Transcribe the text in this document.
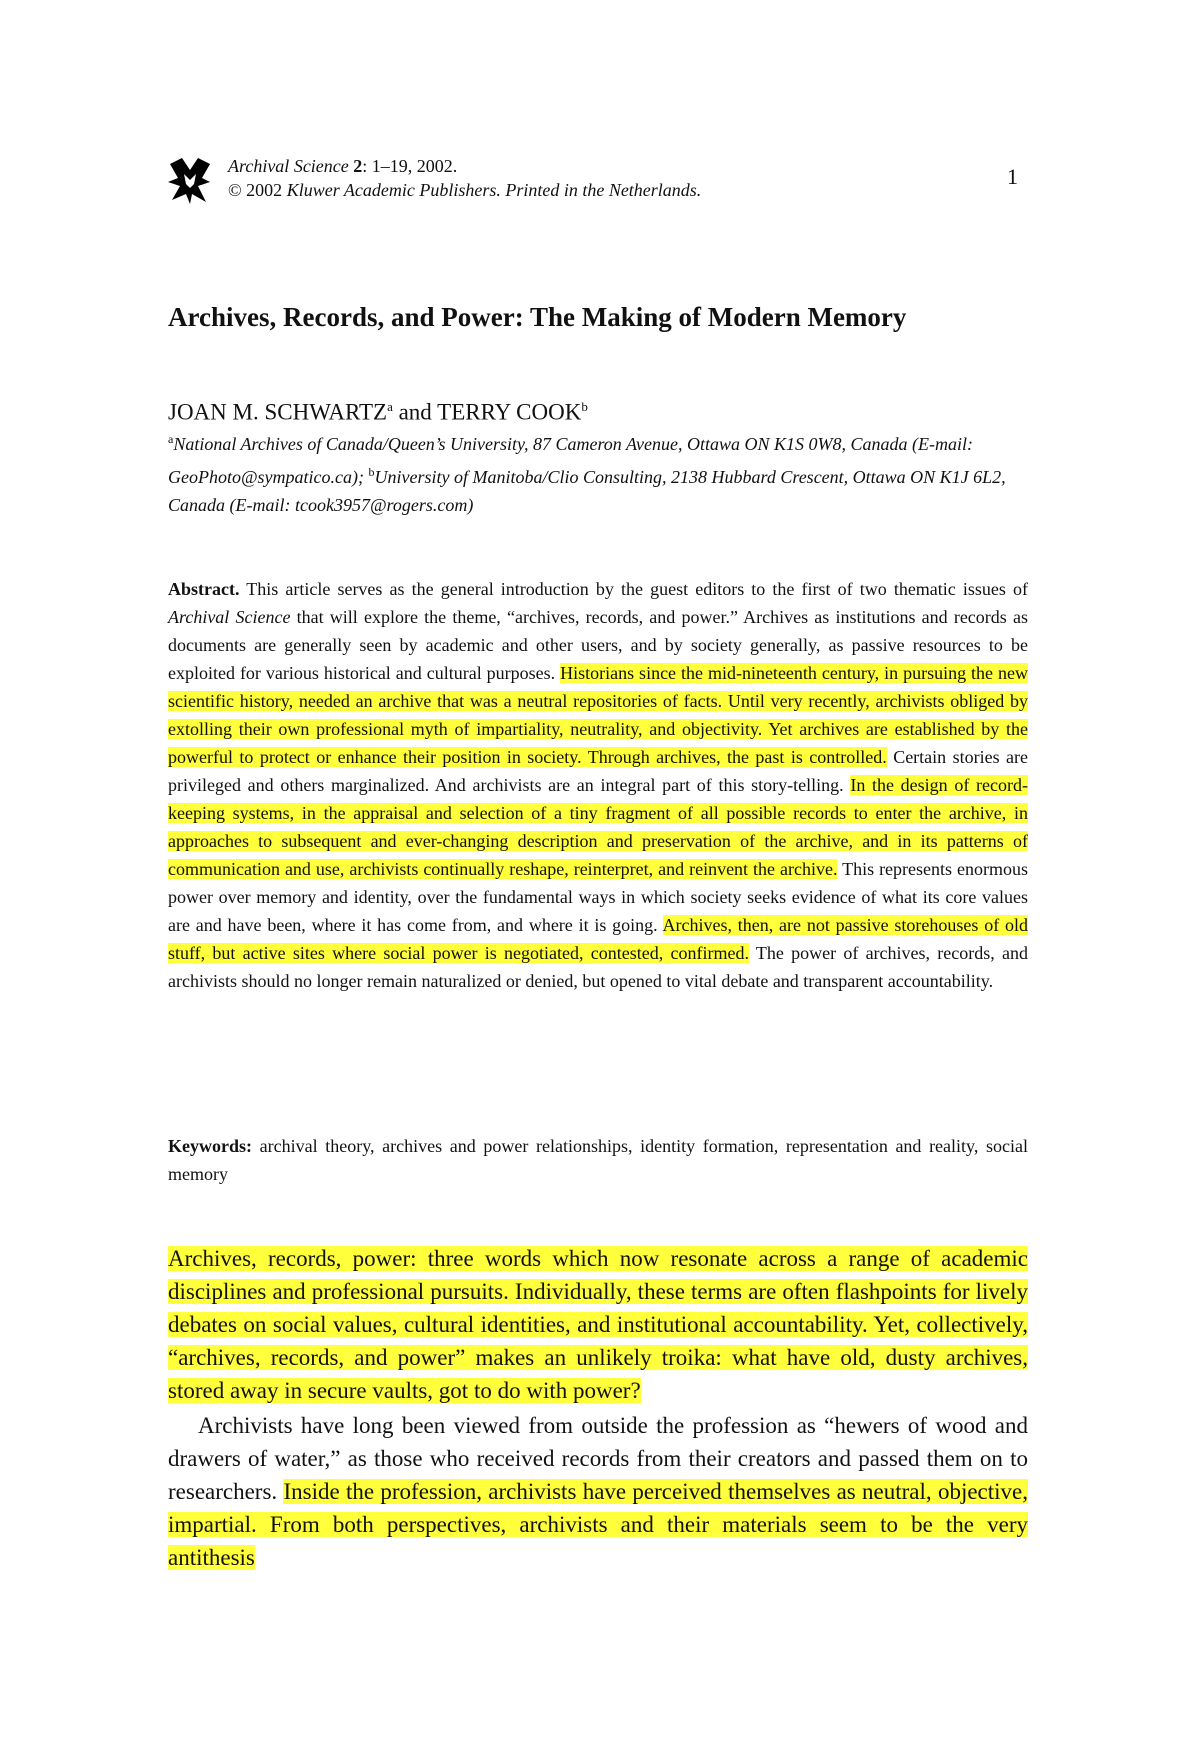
Archival Science 2: 1–19, 2002.
© 2002 Kluwer Academic Publishers. Printed in the Netherlands.
1
Archives, Records, and Power: The Making of Modern Memory
JOAN M. SCHWARTZ$^a$ and TERRY COOK$^b$
$^a$National Archives of Canada/Queen’s University, 87 Cameron Avenue, Ottawa ON K1S 0W8, Canada (E-mail: GeoPhoto@sympatico.ca); $^b$University of Manitoba/Clio Consulting, 2138 Hubbard Crescent, Ottawa ON K1J 6L2, Canada (E-mail: tcook3957@rogers.com)
Abstract. This article serves as the general introduction by the guest editors to the first of two thematic issues of Archival Science that will explore the theme, “archives, records, and power.” Archives as institutions and records as documents are generally seen by academic and other users, and by society generally, as passive resources to be exploited for various historical and cultural purposes. Historians since the mid-nineteenth century, in pursuing the new scientific history, needed an archive that was a neutral repositories of facts. Until very recently, archivists obliged by extolling their own professional myth of impartiality, neutrality, and objectivity. Yet archives are established by the powerful to protect or enhance their position in society. Through archives, the past is controlled. Certain stories are privileged and others marginalized. And archivists are an integral part of this story-telling. In the design of record-keeping systems, in the appraisal and selection of a tiny fragment of all possible records to enter the archive, in approaches to subsequent and ever-changing description and preservation of the archive, and in its patterns of communication and use, archivists continually reshape, reinterpret, and reinvent the archive. This represents enormous power over memory and identity, over the fundamental ways in which society seeks evidence of what its core values are and have been, where it has come from, and where it is going. Archives, then, are not passive storehouses of old stuff, but active sites where social power is negotiated, contested, confirmed. The power of archives, records, and archivists should no longer remain naturalized or denied, but opened to vital debate and transparent accountability.
Keywords: archival theory, archives and power relationships, identity formation, representation and reality, social memory

Archives, records, power: three words which now resonate across a range of academic disciplines and professional pursuits. Individually, these terms are often flashpoints for lively debates on social values, cultural identities, and institutional accountability. Yet, collectively, “archives, records, and power” makes an unlikely troika: what have old, dusty archives, stored away in secure vaults, got to do with power?

Archivists have long been viewed from outside the profession as “hewers of wood and drawers of water,” as those who received records from their creators and passed them on to researchers. Inside the profession, archivists have perceived themselves as neutral, objective, impartial. From both perspectives, archivists and their materials seem to be the very antithesis
